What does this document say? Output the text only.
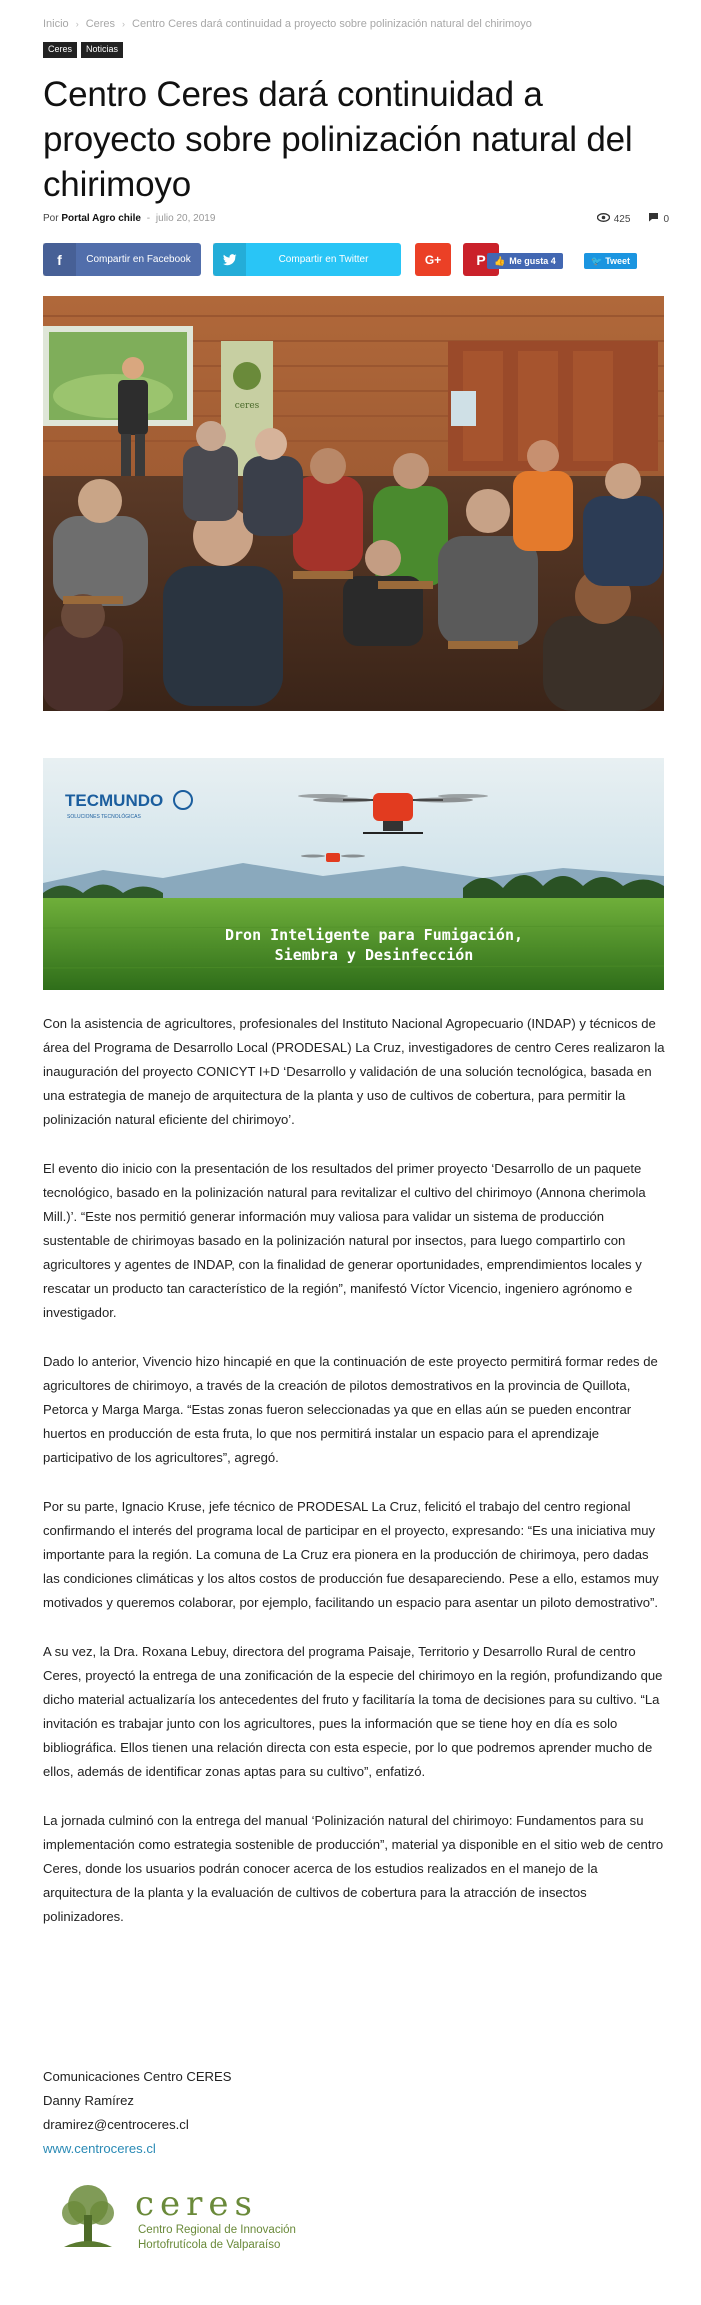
Inicio › Ceres › Centro Ceres dará continuidad a proyecto sobre polinización natural del chirimoyo
Ceres	Noticias
Centro Ceres dará continuidad a proyecto sobre polinización natural del chirimoyo
Por Portal Agro chile - julio 20, 2019	425	0
f	Compartir en Facebook	Compartir en Twitter	G+	P 👍 Me gusta 4	🐦 Tweet
ceres
TECMUNDO
SOLUCIONES TECNOLÓGICAS
Dron Inteligente para Fumigación,
Siembra y Desinfección

Con la asistencia de agricultores, profesionales del Instituto Nacional Agropecuario (INDAP) y técnicos de área del Programa de Desarrollo Local (PRODESAL) La Cruz, investigadores de centro Ceres realizaron la inauguración del proyecto CONICYT I+D ‘Desarrollo y validación de una solución tecnológica, basada en una estrategia de manejo de arquitectura de la planta y uso de cultivos de cobertura, para permitir la polinización natural eficiente del chirimoyo’.

El evento dio inicio con la presentación de los resultados del primer proyecto ‘Desarrollo de un paquete tecnológico, basado en la polinización natural para revitalizar el cultivo del chirimoyo (Annona cherimola Mill.)’. “Este nos permitió generar información muy valiosa para validar un sistema de producción sustentable de chirimoyas basado en la polinización natural por insectos, para luego compartirlo con agricultores y agentes de INDAP, con la finalidad de generar oportunidades, emprendimientos locales y rescatar un producto tan característico de la región”, manifestó Víctor Vicencio, ingeniero agrónomo e investigador.

Dado lo anterior, Vivencio hizo hincapié en que la continuación de este proyecto permitirá formar redes de agricultores de chirimoyo, a través de la creación de pilotos demostrativos en la provincia de Quillota, Petorca y Marga Marga. “Estas zonas fueron seleccionadas ya que en ellas aún se pueden encontrar huertos en producción de esta fruta, lo que nos permitirá instalar un espacio para el aprendizaje participativo de los agricultores”, agregó.

Por su parte, Ignacio Kruse, jefe técnico de PRODESAL La Cruz, felicitó el trabajo del centro regional confirmando el interés del programa local de participar en el proyecto, expresando: “Es una iniciativa muy importante para la región. La comuna de La Cruz era pionera en la producción de chirimoya, pero dadas las condiciones climáticas y los altos costos de producción fue desapareciendo. Pese a ello, estamos muy motivados y queremos colaborar, por ejemplo, facilitando un espacio para asentar un piloto demostrativo”.

A su vez, la Dra. Roxana Lebuy, directora del programa Paisaje, Territorio y Desarrollo Rural de centro Ceres, proyectó la entrega de una zonificación de la especie del chirimoyo en la región, profundizando que dicho material actualizaría los antecedentes del fruto y facilitaría la toma de decisiones para su cultivo. “La invitación es trabajar junto con los agricultores, pues la información que se tiene hoy en día es solo bibliográfica. Ellos tienen una relación directa con esta especie, por lo que podremos aprender mucho de ellos, además de identificar zonas aptas para su cultivo”, enfatizó.

La jornada culminó con la entrega del manual ‘Polinización natural del chirimoyo: Fundamentos para su implementación como estrategia sostenible de producción”, material ya disponible en el sitio web de centro Ceres, donde los usuarios podrán conocer acerca de los estudios realizados en el manejo de la arquitectura de la planta y la evaluación de cultivos de cobertura para la atracción de insectos polinizadores.

Comunicaciones Centro CERES
Danny Ramírez
dramirez@centroceres.cl
www.centroceres.cl
ceres
Centro Regional de Innovación
Hortofrutícola de Valparaíso
